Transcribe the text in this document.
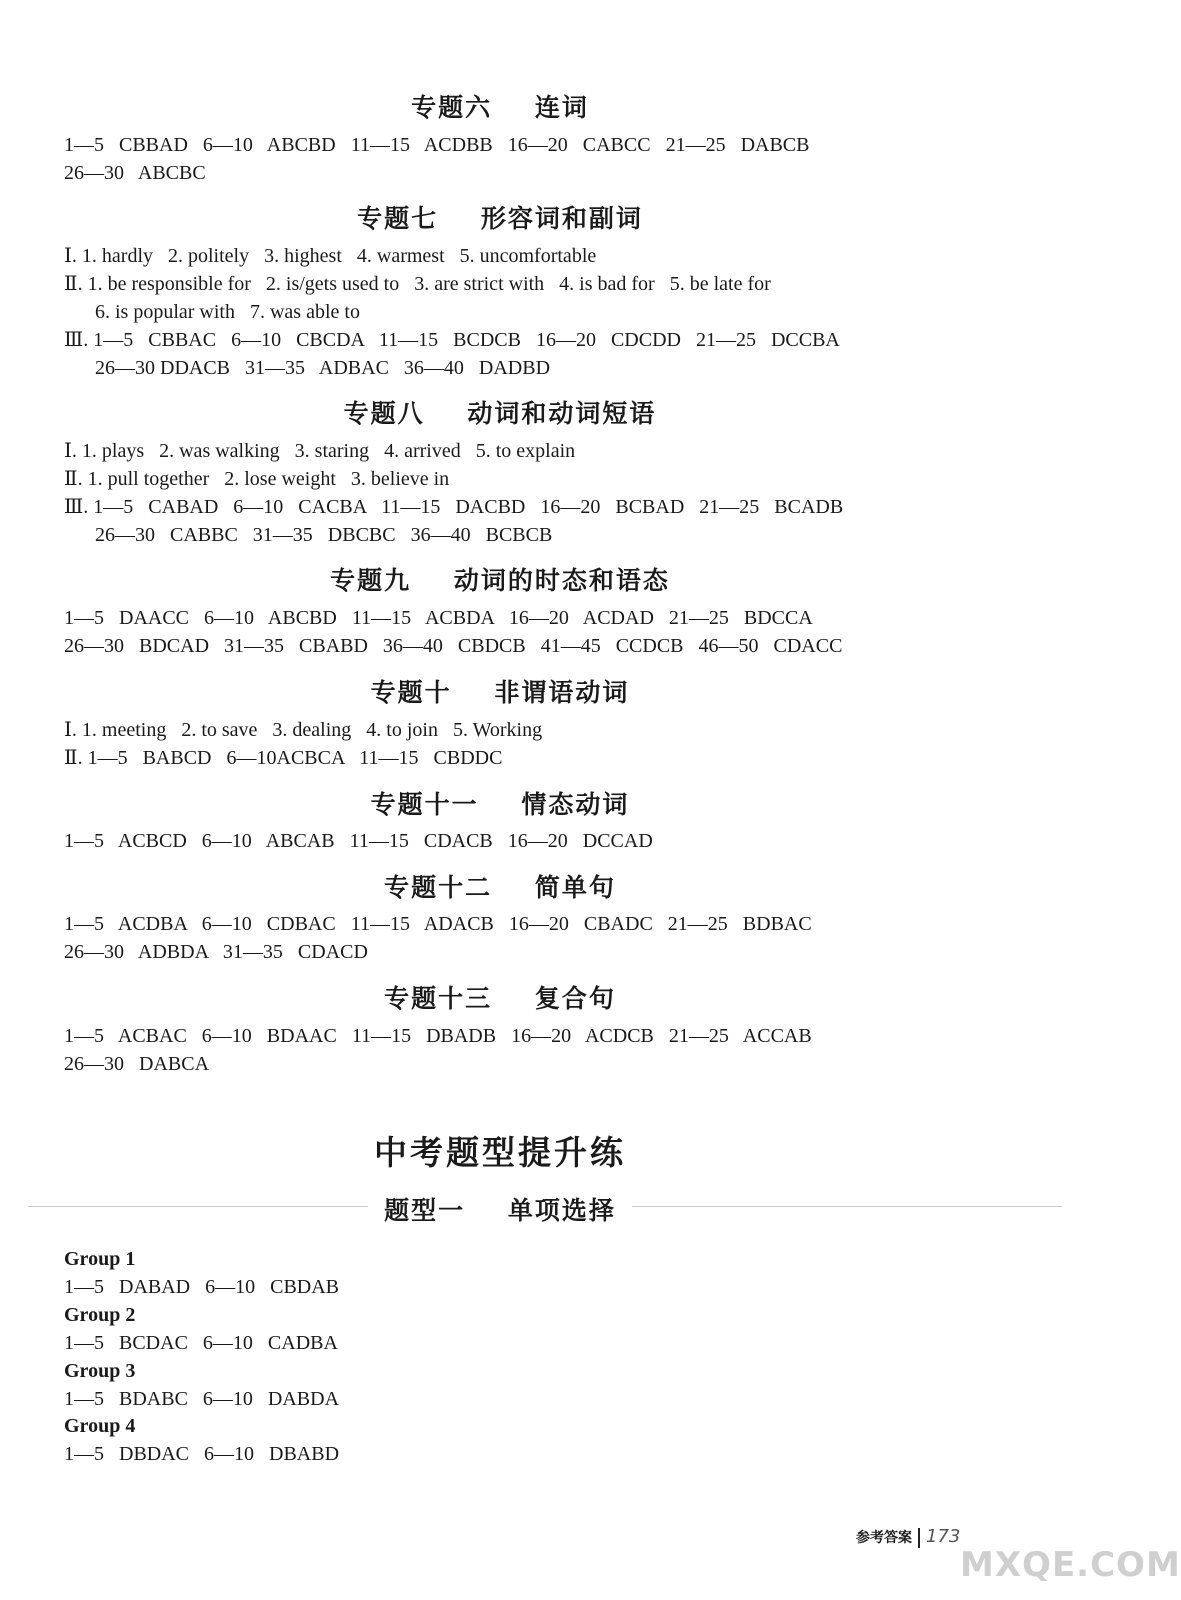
专题六    连词
1—5   CBBAD   6—10   ABCBD   11—15   ACDBB   16—20   CABCC   21—25   DABCB
26—30   ABCBC
专题七    形容词和副词
Ⅰ. 1. hardly   2. politely   3. highest   4. warmest   5. uncomfortable
Ⅱ. 1. be responsible for   2. is/gets used to   3. are strict with   4. is bad for   5. be late for
6. is popular with   7. was able to
Ⅲ. 1—5   CBBAC   6—10   CBCDA   11—15   BCDCB   16—20   CDCDD   21—25   DCCBA
26—30 DDACB   31—35   ADBAC   36—40   DADBD
专题八    动词和动词短语
Ⅰ. 1. plays   2. was walking   3. staring   4. arrived   5. to explain
Ⅱ. 1. pull together   2. lose weight   3. believe in
Ⅲ. 1—5   CABAD   6—10   CACBA   11—15   DACBD   16—20   BCBAD   21—25   BCADB
26—30   CABBC   31—35   DBCBC   36—40   BCBCB
专题九    动词的时态和语态
1—5   DAACC   6—10   ABCBD   11—15   ACBDA   16—20   ACDAD   21—25   BDCCA
26—30   BDCAD   31—35   CBABD   36—40   CBDCB   41—45   CCDCB   46—50   CDACC
专题十    非谓语动词
Ⅰ. 1. meeting   2. to save   3. dealing   4. to join   5. Working
Ⅱ. 1—5   BABCD   6—10ACBCA   11—15   CBDDC
专题十一    情态动词
1—5   ACBCD   6—10   ABCAB   11—15   CDACB   16—20   DCCAD
专题十二    简单句
1—5   ACDBA   6—10   CDBAC   11—15   ADACB   16—20   CBADC   21—25   BDBAC
26—30   ADBDA   31—35   CDACD
专题十三    复合句
1—5   ACBAC   6—10   BDAAC   11—15   DBADB   16—20   ACDCB   21—25   ACCAB
26—30   DABCA
中考题型提升练
题型一    单项选择
Group 1
1—5   DABAD   6—10   CBDAB
Group 2
1—5   BCDAC   6—10   CADBA
Group 3
1—5   BDABC   6—10   DABDA
Group 4
1—5   DBDAC   6—10   DBABD
参考答案 173
MXQE.COM
